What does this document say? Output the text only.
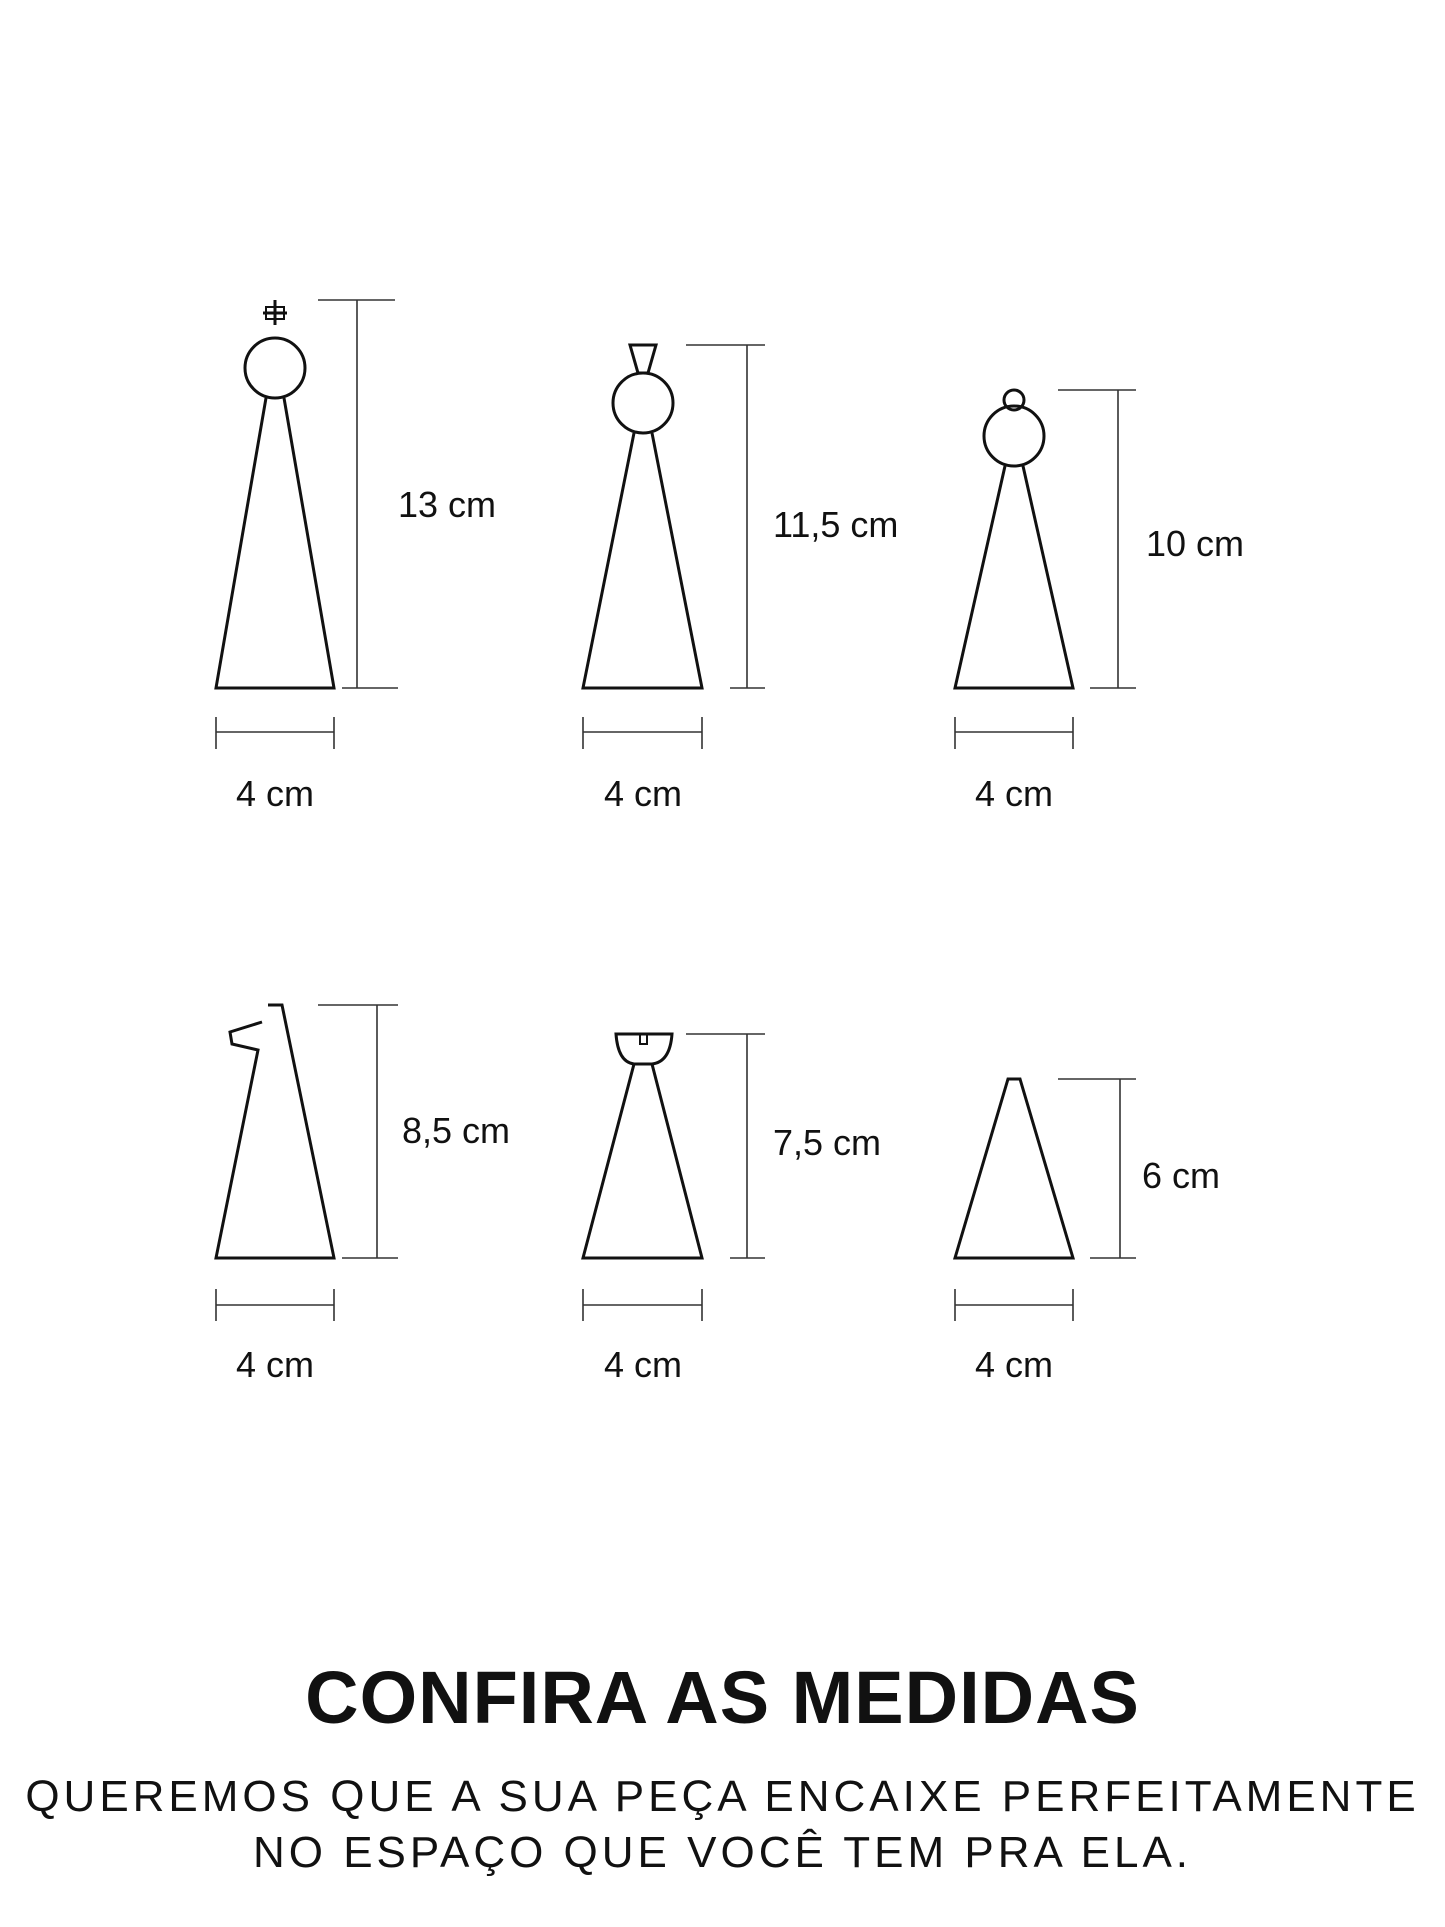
13 cm
4 cm
11,5 cm
4 cm
10 cm
4 cm
8,5 cm
4 cm
7,5 cm
4 cm
6 cm
4 cm
CONFIRA AS MEDIDAS

QUEREMOS QUE A SUA PEÇA ENCAIXE PERFEITAMENTE

NO ESPAÇO QUE VOCÊ TEM PRA ELA.
